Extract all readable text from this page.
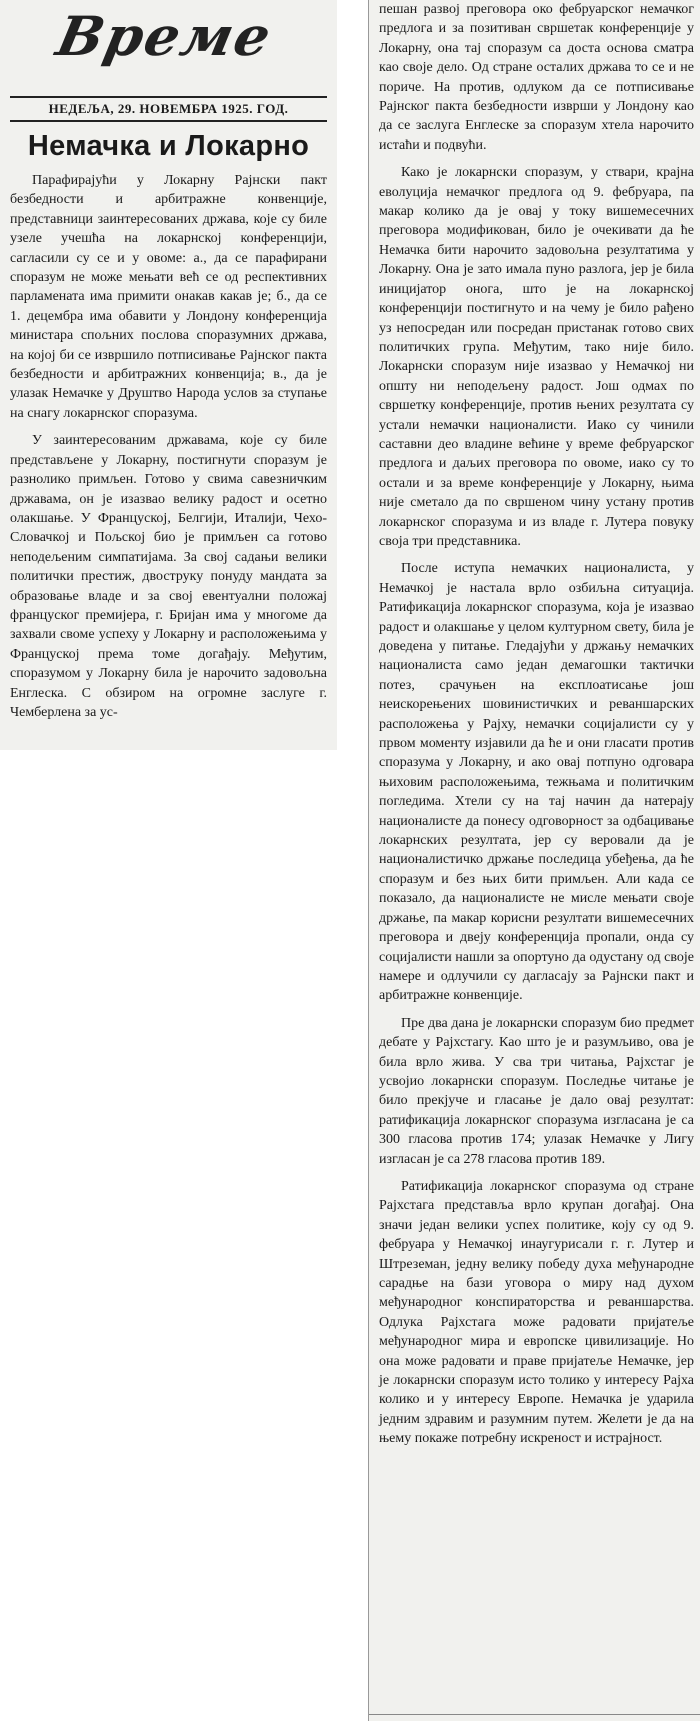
Време
НЕДЕЉА, 29. НОВЕМБРА 1925. ГОД.
Немачка и Локарно

Парафирајући у Локарну Рајнски пакт безбедности и арбитражне конвенције, представници заинтересованих држава, које су биле узеле учешћа на локарнској конференцији, сагласили су се и у овоме: а., да се парафирани споразум не може мењати већ се од респективних парламената има примити онакав какав је; б., да се 1. децембра има обавити у Лондону конференција министара спољних послова споразумних држава, на којој би се извршило потписивање Рајнског пакта безбедности и арбитражних конвенција; в., да је улазак Немачке у Друштво Народа услов за ступање на снагу локарнског споразума.

У заинтересованим државама, које су биле представљене у Локарну, постигнути споразум је разнолико примљен. Готово у свима савезничким државама, он је изазвао велику радост и осетно олакшање. У Француској, Белгији, Италији, Чехо-Словачкој и Пољској био је примљен са готово неподељеним симпатијама. За свој садањи велики политички престиж, двоструку понуду мандата за образовање владе и за свој евентуални положај француског премијера, г. Бријан има у многоме да захвали своме успеху у Локарну и расположењима у Француској према томе догађају. Међутим, споразумом у Локарну била је нарочито задовољна Енглеска. С обзиром на огромне заслуге г. Чемберлена за ус-

пешан развој преговора око фебруарског немачког предлога и за позитиван свршетак конференције у Локарну, она тај споразум са доста основа сматра као своје дело. Од стране осталих држава то се и не пориче. На против, одлуком да се потписивање Рајнског пакта безбедности изврши у Лондону као да се заслуга Енглеске за споразум хтела нарочито истаћи и подвући.

Како је локарнски споразум, у ствари, крајна еволуција немачког предлога од 9. фебруара, па макар колико да је овај у току вишемесечних преговора модификован, било је очекивати да ће Немачка бити нарочито задовољна резултатима у Локарну. Она је зато имала пуно разлога, јер је била иницијатор онога, што је на локарнској конференцији постигнуто и на чему је било рађено уз непосредан или посредан пристанак готово свих политичких група. Међутим, тако није било. Локарнски споразум није изазвао у Немачкој ни општу ни неподељену радост. Још одмах по свршетку конференције, против њених резултата су устали немачки националисти. Иако су чинили саставни део владине већине у време фебруарског предлога и даљих преговора по овоме, иако су то остали и за време конференције у Локарну, њима није сметало да по свршеном чину устану против локарнског споразума и из владе г. Лутера повуку своја три представника.

После иступа немачких националиста, у Немачкој је настала врло озбиљна ситуација. Ратификација локарнског споразума, која је изазвао радост и олакшање у целом културном свету, била је доведена у питање. Гледајући у држању немачких националиста само један демагошки тактички потез, срачуњен на експлоатисање још неискорењених шовинистичких и реваншарских расположења у Рајху, немачки социјалисти су у првом моменту изјавили да ће и они гласати против споразума у Локарну, и ако овај потпуно одговара њиховим расположењима, тежњама и политичким погледима. Хтели су на тај начин да натерају националисте да понесу одговорност за одбацивање локарнских резултата, јер су веровали да је националистичко држање последица убеђења, да ће споразум и без њих бити примљен. Али када се показало, да националисте не мисле мењати своје држање, па макар корисни резултати вишемесечних преговора и двеју конференција пропали, онда су социјалисти нашли за опортуно да одустану од своје намере и одлучили су дагласају за Рајнски пакт и арбитражне конвенције.

Пре два дана је локарнски споразум био предмет дебате у Рајхстагу. Као што је и разумљиво, ова је била врло жива. У сва три читања, Рајхстаг је усвојио локарнски споразум. Последње читање је било прекјуче и гласање је дало овај резултат: ратификација локарнског споразума изгласана је са 300 гласова против 174; улазак Немачке у Лигу изгласан је са 278 гласова против 189.

Ратификација локарнског споразума од стране Рајхстага представља врло крупан догађај. Она значи један велики успех политике, коју су од 9. фебруара у Немачкој инаугурисали г. г. Лутер и Штреземан, једну велику победу духа међународне сарадње на бази уговора о миру над духом међународног конспираторства и реваншарства. Одлука Рајхстага може радовати пријатеље међународног мира и европске цивилизације. Но она може радовати и праве пријатеље Немачке, јер је локарнски споразум исто толико у интересу Рајха колико и у интересу Европе. Немачка је ударила једним здравим и разумним путем. Желети је да на њему покаже потребну искреност и истрајност.
